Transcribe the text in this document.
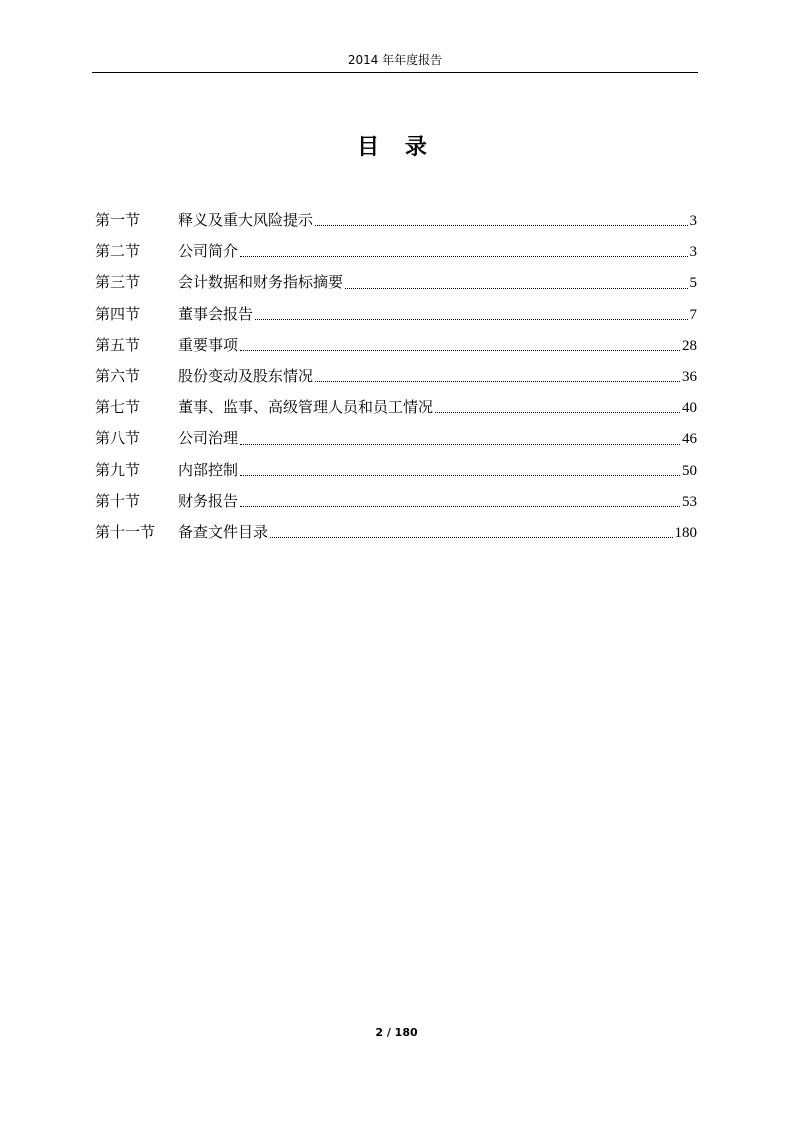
2014 年年度报告
目 录
第一节	释义及重大风险提示	3
第二节	公司简介	3
第三节	会计数据和财务指标摘要	5
第四节	董事会报告	7
第五节	重要事项	28
第六节	股份变动及股东情况	36
第七节	董事、监事、高级管理人员和员工情况	40
第八节	公司治理	46
第九节	内部控制	50
第十节	财务报告	53
第十一节	备查文件目录	180
2 / 180
